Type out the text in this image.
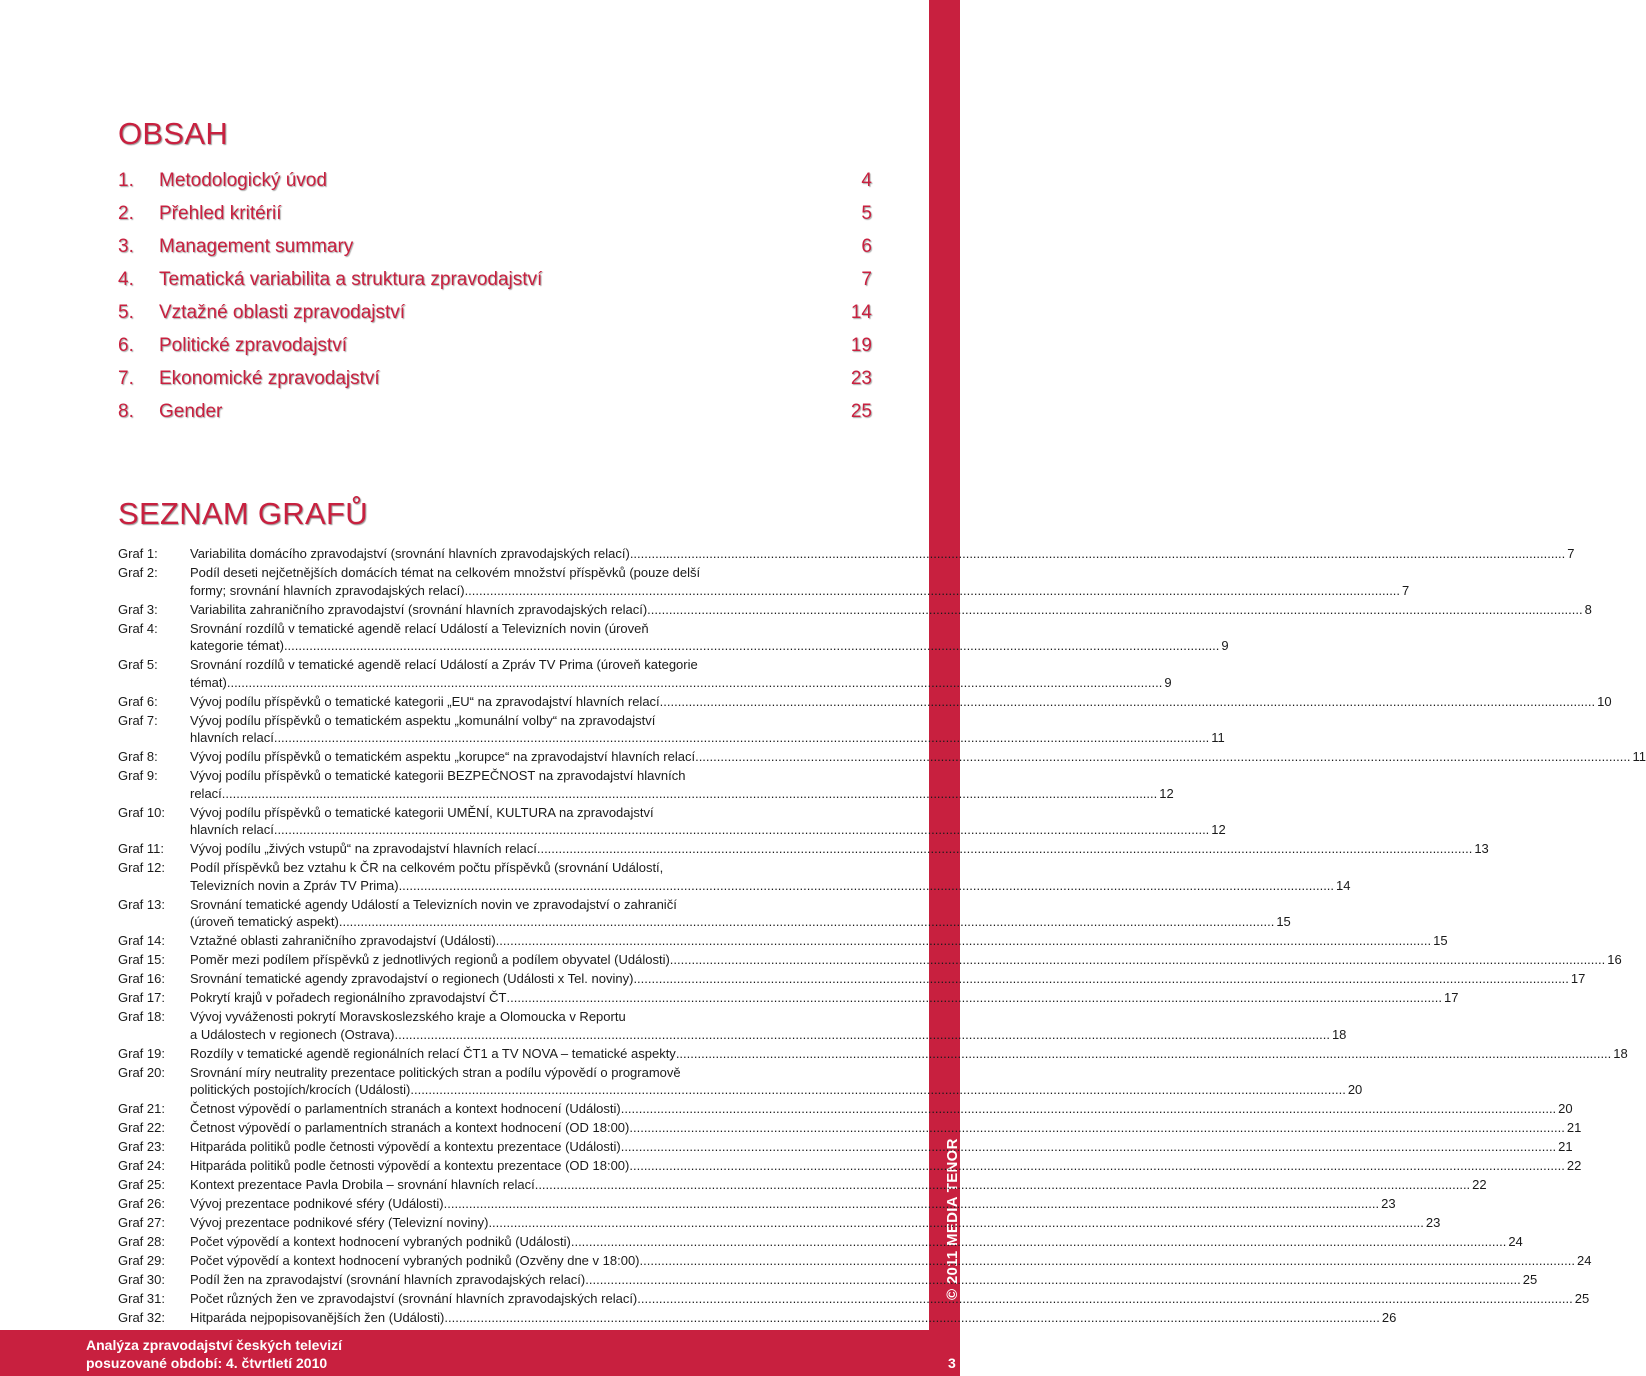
© 2011 MEDIA TENOR
OBSAH
1.	Metodologický úvod	4
2.	Přehled kritérií	5
3.	Management summary	6
4.	Tematická variabilita a struktura zpravodajství	7
5.	Vztažné oblasti zpravodajství	14
6.	Politické zpravodajství	19
7.	Ekonomické zpravodajství	23
8.	Gender	25
SEZNAM GRAFŮ
Graf 1:	Variabilita domácího zpravodajství (srovnání hlavních zpravodajských relací) .....	7
Graf 2:	Podíl deseti nejčetnějších domácích témat na celkovém množství příspěvků (pouze delší
formy; srovnání hlavních zpravodajských relací) .....	7
Graf 3:	Variabilita zahraničního zpravodajství (srovnání hlavních zpravodajských relací) .....	8
Graf 4:	Srovnání rozdílů v tematické agendě relací Událostí a Televizních novin (úroveň
kategorie témat) .....	9
Graf 5:	Srovnání rozdílů v tematické agendě relací Událostí a Zpráv TV Prima (úroveň kategorie
témat) .....	9
Graf 6:	Vývoj podílu příspěvků o tematické kategorii „EU“ na zpravodajství hlavních relací .....	10
Graf 7:	Vývoj podílu příspěvků o tematickém aspektu „komunální volby“ na zpravodajství
hlavních relací .....	11
Graf 8:	Vývoj podílu příspěvků o tematickém aspektu „korupce“ na zpravodajství hlavních relací .....	11
Graf 9:	Vývoj podílu příspěvků o tematické kategorii BEZPEČNOST na zpravodajství hlavních
relací .....	12
Graf 10:	Vývoj podílu příspěvků o tematické kategorii UMĚNÍ, KULTURA na zpravodajství
hlavních relací .....	12
Graf 11:	Vývoj podílu „živých vstupů“ na zpravodajství hlavních relací .....	13
Graf 12:	Podíl příspěvků bez vztahu k ČR na celkovém počtu příspěvků (srovnání Událostí,
Televizních novin a Zpráv TV Prima) .....	14
Graf 13:	Srovnání tematické agendy Událostí a Televizních novin ve zpravodajství o zahraničí
(úroveň tematický aspekt) .....	15
Graf 14:	Vztažné oblasti zahraničního zpravodajství (Události) .....	15
Graf 15:	Poměr mezi podílem příspěvků z jednotlivých regionů a podílem obyvatel (Události) .....	16
Graf 16:	Srovnání tematické agendy zpravodajství o regionech (Události x Tel. noviny) .....	17
Graf 17:	Pokrytí krajů v pořadech regionálního zpravodajství ČT .....	17
Graf 18:	Vývoj vyváženosti pokrytí Moravskoslezského kraje a Olomoucka v Reportu
a Událostech v regionech (Ostrava) .....	18
Graf 19:	Rozdíly v tematické agendě regionálních relací ČT1 a TV NOVA – tematické aspekty .....	18
Graf 20:	Srovnání míry neutrality prezentace politických stran a podílu výpovědí o programově
politických postojích/krocích (Události) .....	20
Graf 21:	Četnost výpovědí o parlamentních stranách a kontext hodnocení (Události) .....	20
Graf 22:	Četnost výpovědí o parlamentních stranách a kontext hodnocení (OD 18:00) .....	21
Graf 23:	Hitparáda politiků podle četnosti výpovědí a kontextu prezentace (Události) .....	21
Graf 24:	Hitparáda politiků podle četnosti výpovědí a kontextu prezentace (OD 18:00) .....	22
Graf 25:	Kontext prezentace Pavla Drobila – srovnání hlavních relací .....	22
Graf 26:	Vývoj prezentace podnikové sféry (Události) .....	23
Graf 27:	Vývoj prezentace podnikové sféry (Televizní noviny) .....	23
Graf 28:	Počet výpovědí a kontext hodnocení vybraných podniků (Události) .....	24
Graf 29:	Počet výpovědí a kontext hodnocení vybraných podniků (Ozvěny dne v 18:00) .....	24
Graf 30:	Podíl žen na zpravodajství (srovnání hlavních zpravodajských relací) .....	25
Graf 31:	Počet různých žen ve zpravodajství (srovnání hlavních zpravodajských relací) .....	25
Graf 32:	Hitparáda nejpopisovanějších žen (Události) .....	26
Analýza zpravodajství českých televizí
posuzované období: 4. čtvrtletí 2010	3
